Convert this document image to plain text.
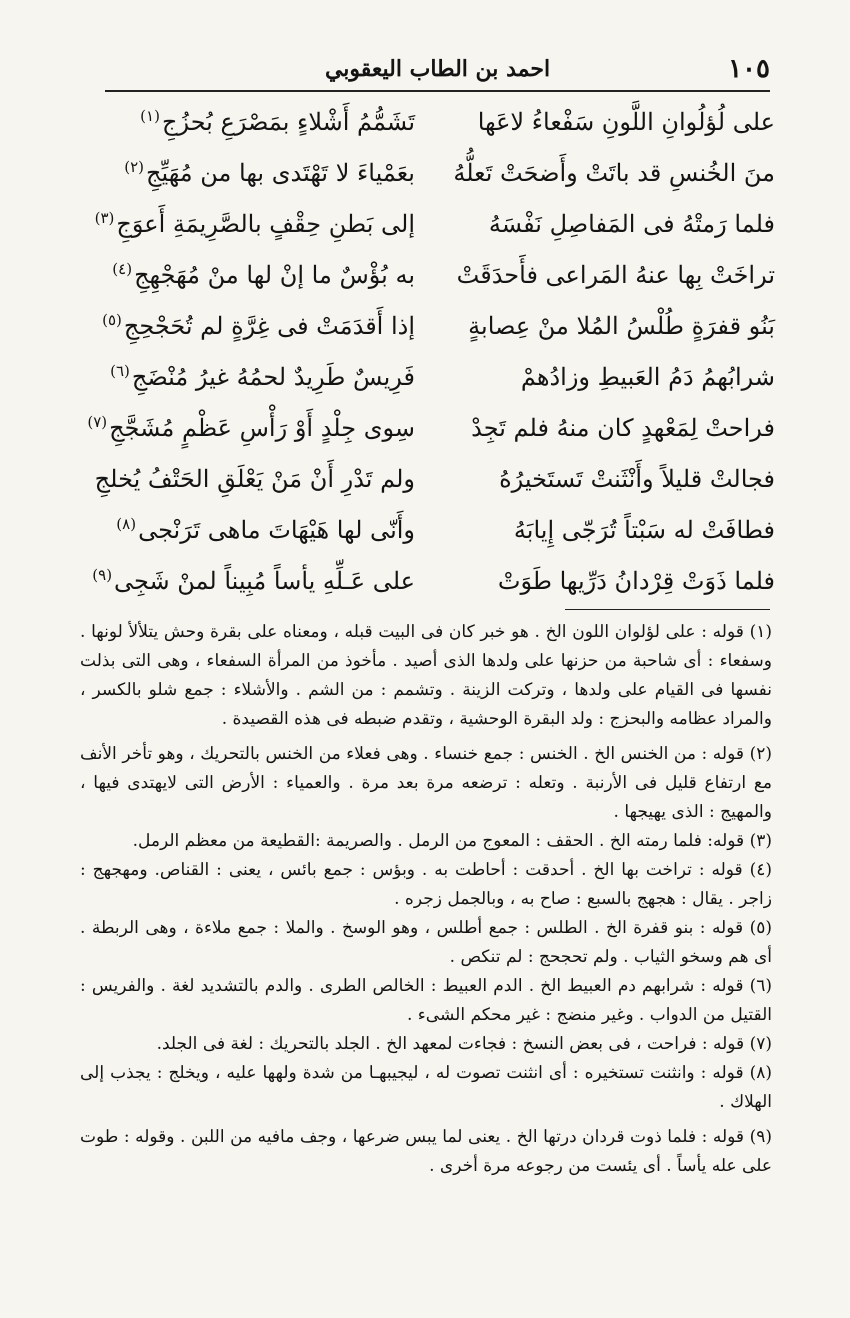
١٠٥
احمد بن الطاب اليعقوبي
على لُؤلُوانِ اللَّونِ سَفْعاءُ لاعَها
تَشَمُّمُ أَشْلاءٍ بمَصْرَعِ بُحزُجِ$^{(١)}$
منَ الخُنسِ قد باتَتْ وأَضحَتْ تَعلُّهُ
بعَمْياءَ لا تَهْتَدى بها من مُهَيِّجِ$^{(٢)}$
فلما رَمتْهُ فى المَفاصِلِ نَفْسَهُ
إلى بَطنِ حِقْفٍ بالصَّرِيمَةِ أَعوَجِ$^{(٣)}$
تراخَتْ بِها عنهُ المَراعى فأَحدَقَتْ
به بُؤْسٌ ما إنْ لها منْ مُهَجْهِجِ$^{(٤)}$
بَنُو قفرَةٍ طُلْسُ المُلا منْ عِصابةٍ
إذا أَقدَمَتْ فى غِرَّةٍ لم تُحَجْحِجِ$^{(٥)}$
شرابُهمُ دَمُ العَبيطِ وزادُهمْ
فَرِيسٌ طَرِيدٌ لحمُهُ غيرُ مُنْضَجِ$^{(٦)}$
فراحتْ لِمَعْهدٍ كان منهُ فلم تَجِدْ
سِوى جِلْدٍ أَوْ رَأْسِ عَظْمٍ مُشَجَّجِ$^{(٧)}$
فجالتْ قليلاً وأَنْثَنتْ تَستَخيرُهُ
ولم تَدْرِ أَنْ مَنْ يَعْلَقِ الحَتْفُ يُخلجِ
فطافَتْ له سَبْتاً تُرَجّى إِيابَهُ
وأَنّى لها هَيْهَاتَ ماهى تَرَنْجى$^{(٨)}$
فلما ذَوَتْ قِرْدانُ دَرِّيها طَوَتْ
على عَـلِّهِ يأساً مُبِيناً لمنْ شَجِى$^{(٩)}$

(١) قوله : على لؤلوان اللون الخ . هو خبر كان فى البيت قبله ، ومعناه على بقرة وحش يتلألأ لونها . وسفعاء : أى شاحبة من حزنها على ولدها الذى أصيد . مأخوذ من المرأة السفعاء ، وهى التى بذلت نفسها فى القيام على ولدها ، وتركت الزينة . وتشمم : من الشم . والأشلاء : جمع شلو بالكسر ، والمراد عظامه والبحزج : ولد البقرة الوحشية ، وتقدم ضبطه فى هذه القصيدة .

(٢) قوله : من الخنس الخ . الخنس : جمع خنساء . وهى فعلاء من الخنس بالتحريك ، وهو تأخر الأنف مع ارتفاع قليل فى الأرنبة . وتعله : ترضعه مرة بعد مرة . والعمياء : الأرض التى لايهتدى فيها ، والمهيج : الذى يهيجها .

(٣) قوله: فلما رمته الخ . الحقف : المعوج من الرمل . والصريمة :القطيعة من معظم الرمل.

(٤) قوله : تراخت بها الخ . أحدقت : أحاطت به . وبؤس : جمع بائس ، يعنى : القناص. ومهجهج : زاجر . يقال : هجهج بالسبع : صاح به ، وبالجمل زجره .

(٥) قوله : بنو قفرة الخ . الطلس : جمع أطلس ، وهو الوسخ . والملا : جمع ملاءة ، وهى الربطة . أى هم وسخو الثياب . ولم تحجحج : لم تنكص .

(٦) قوله : شرابهم دم العبيط الخ . الدم العبيط : الخالص الطرى . والدم بالتشديد لغة . والفريس : القتيل من الدواب . وغير منضج : غير محكم الشىء .

(٧) قوله : فراحت ، فى بعض النسخ : فجاءت لمعهد الخ . الجلد بالتحريك : لغة فى الجلد.

(٨) قوله : وانثنت تستخيره : أى انثنت تصوت له ، ليجيبهـا من شدة ولهها عليه ، ويخلج : يجذب إلى الهلاك .

(٩) قوله : فلما ذوت قردان درتها الخ . يعنى لما يبس ضرعها ، وجف مافيه من اللبن . وقوله : طوت على عله يأساً . أى يئست من رجوعه مرة أخرى .
